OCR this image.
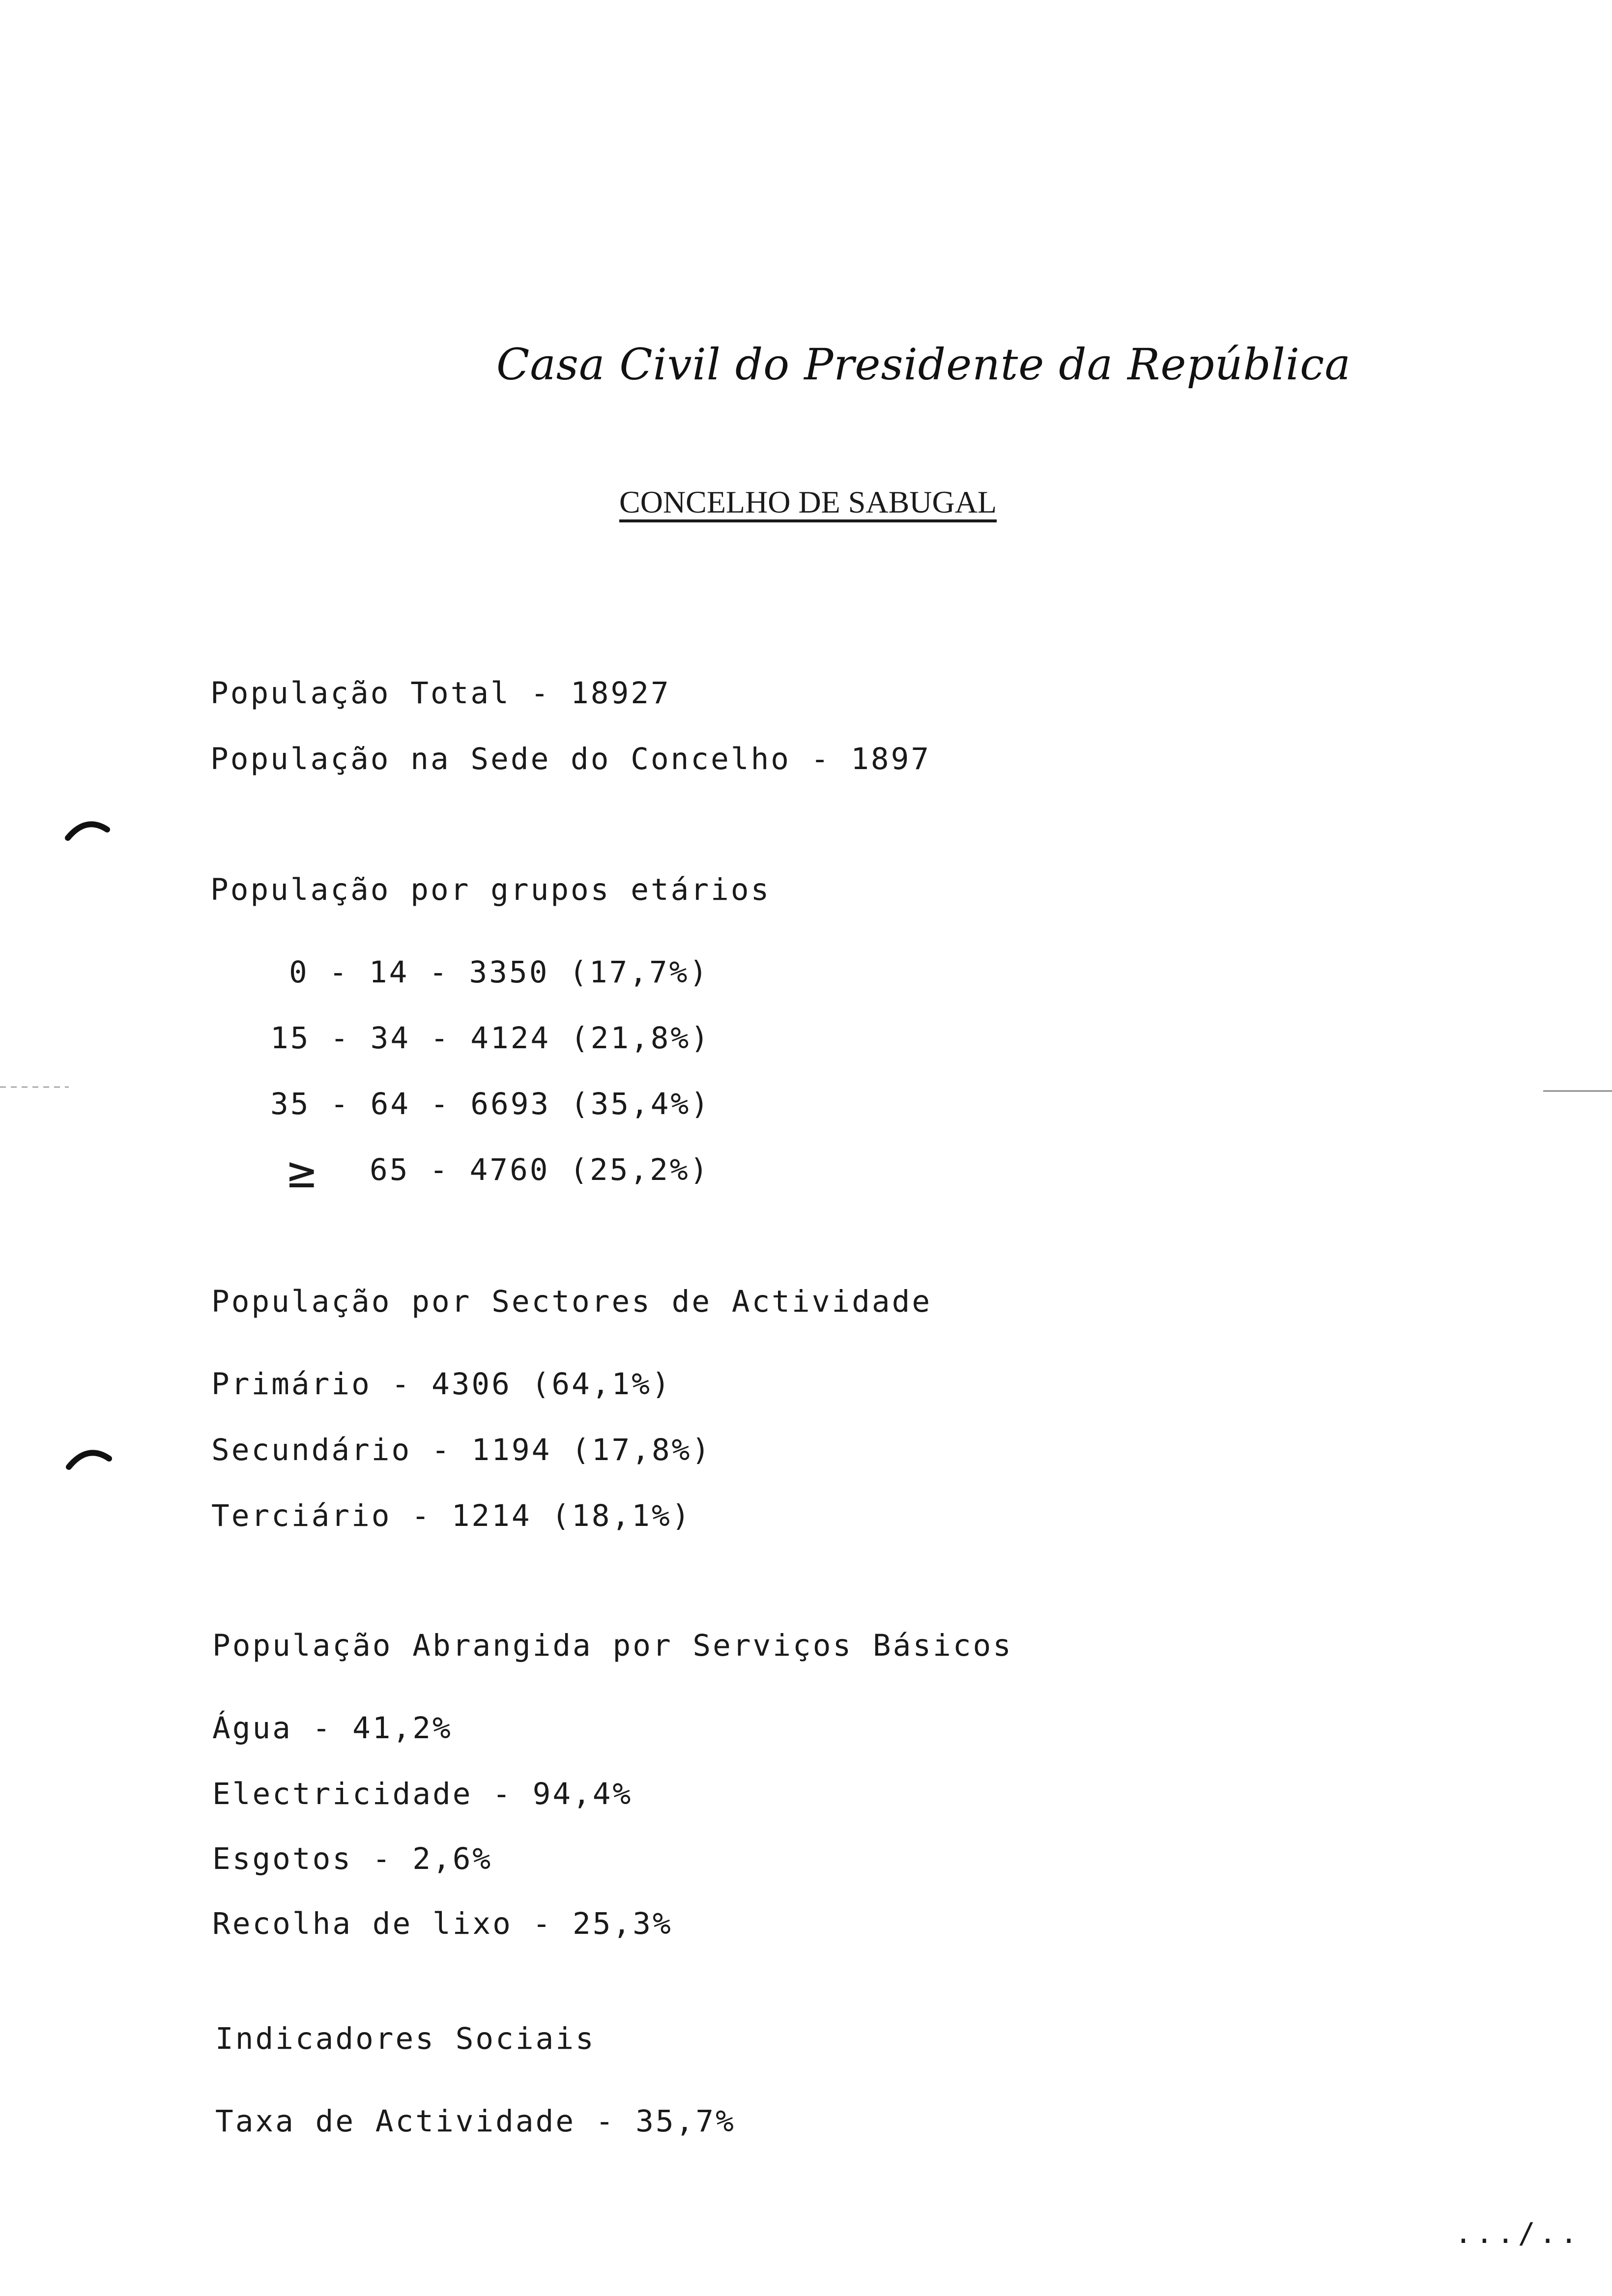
Casa Civil do Presidente da República
CONCELHO DE SABUGAL
População Total - 18927
População na Sede do Concelho - 1897
População por grupos etários
0 - 14 - 3350 (17,7%)
15 - 34 - 4124 (21,8%)
35 - 64 - 6693 (35,4%)
≥ 65 - 4760 (25,2%)
População por Sectores de Actividade
Primário - 4306 (64,1%)
Secundário - 1194 (17,8%)
Terciário - 1214 (18,1%)
População Abrangida por Serviços Básicos
Água - 41,2%
Electricidade - 94,4%
Esgotos - 2,6%
Recolha de lixo - 25,3%
Indicadores Sociais
Taxa de Actividade - 35,7%
.../..
